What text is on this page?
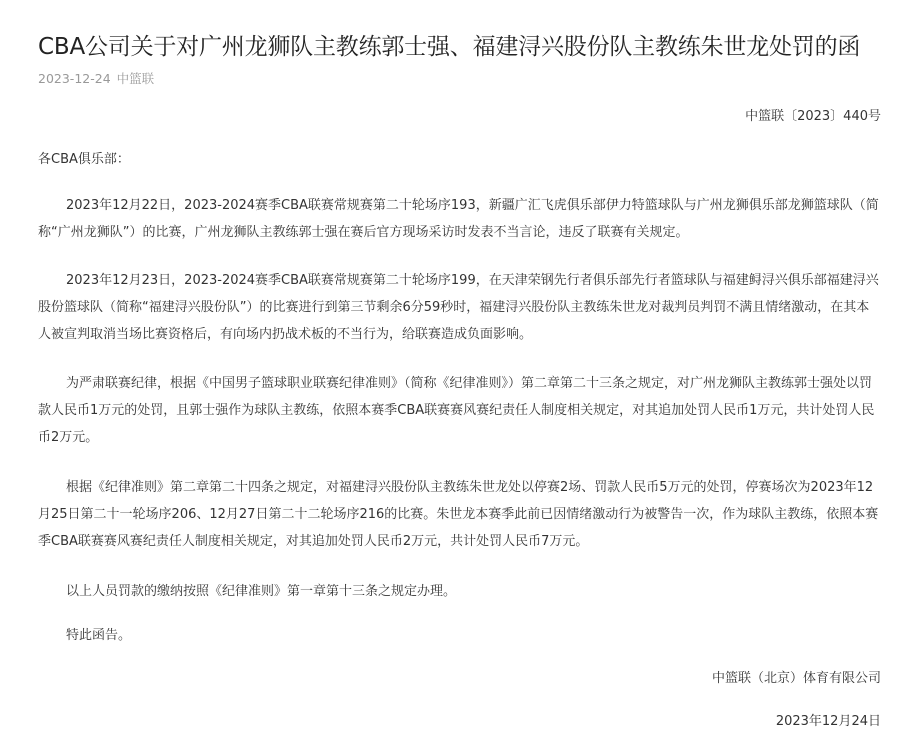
CBA公司关于对广州龙狮队主教练郭士强、福建浔兴股份队主教练朱世龙处罚的函
2023-12-24 中篮联
中篮联〔2023〕440号
各CBA俱乐部：

2023年12月22日，2023-2024赛季CBA联赛常规赛第二十轮场序193，新疆广汇飞虎俱乐部伊力特篮球队与广州龙狮俱乐部龙狮篮球队（简称“广州龙狮队”）的比赛，广州龙狮队主教练郭士强在赛后官方现场采访时发表不当言论，违反了联赛有关规定。

2023年12月23日，2023-2024赛季CBA联赛常规赛第二十轮场序199，在天津荣钢先行者俱乐部先行者篮球队与福建鲟浔兴俱乐部福建浔兴股份篮球队（简称“福建浔兴股份队”）的比赛进行到第三节剩余6分59秒时，福建浔兴股份队主教练朱世龙对裁判员判罚不满且情绪激动，在其本人被宣判取消当场比赛资格后，有向场内扔战术板的不当行为，给联赛造成负面影响。

为严肃联赛纪律，根据《中国男子篮球职业联赛纪律准则》（简称《纪律准则》）第二章第二十三条之规定，对广州龙狮队主教练郭士强处以罚款人民币1万元的处罚，且郭士强作为球队主教练，依照本赛季CBA联赛赛风赛纪责任人制度相关规定，对其追加处罚人民币1万元，共计处罚人民币2万元。

根据《纪律准则》第二章第二十四条之规定，对福建浔兴股份队主教练朱世龙处以停赛2场、罚款人民币5万元的处罚，停赛场次为2023年12月25日第二十一轮场序206、12月27日第二十二轮场序216的比赛。朱世龙本赛季此前已因情绪激动行为被警告一次，作为球队主教练，依照本赛季CBA联赛赛风赛纪责任人制度相关规定，对其追加处罚人民币2万元，共计处罚人民币7万元。

以上人员罚款的缴纳按照《纪律准则》第一章第十三条之规定办理。

特此函告。

中篮联（北京）体育有限公司
2023年12月24日
